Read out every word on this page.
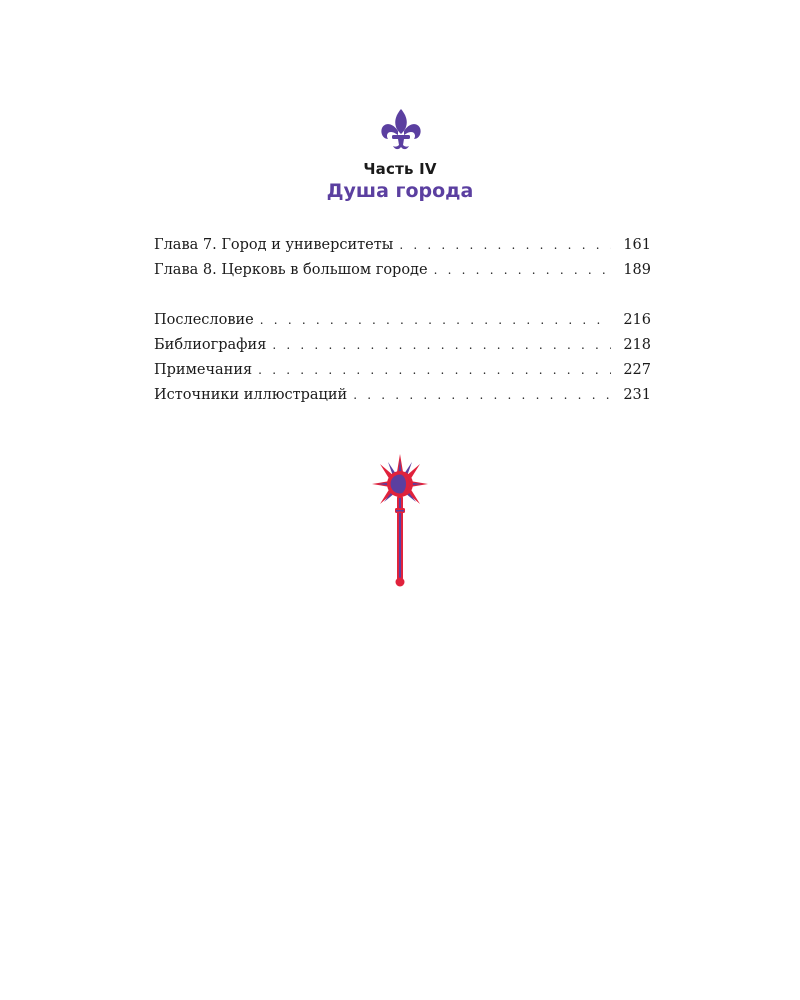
Часть IV
Душа города
Глава 7. Город и университеты . . .	161
Глава 8. Церковь в большом городе . . .	189
Послесловие . . .	216
Библиография . . .	218
Примечания . . .	227
Источники иллюстраций . . .	231
